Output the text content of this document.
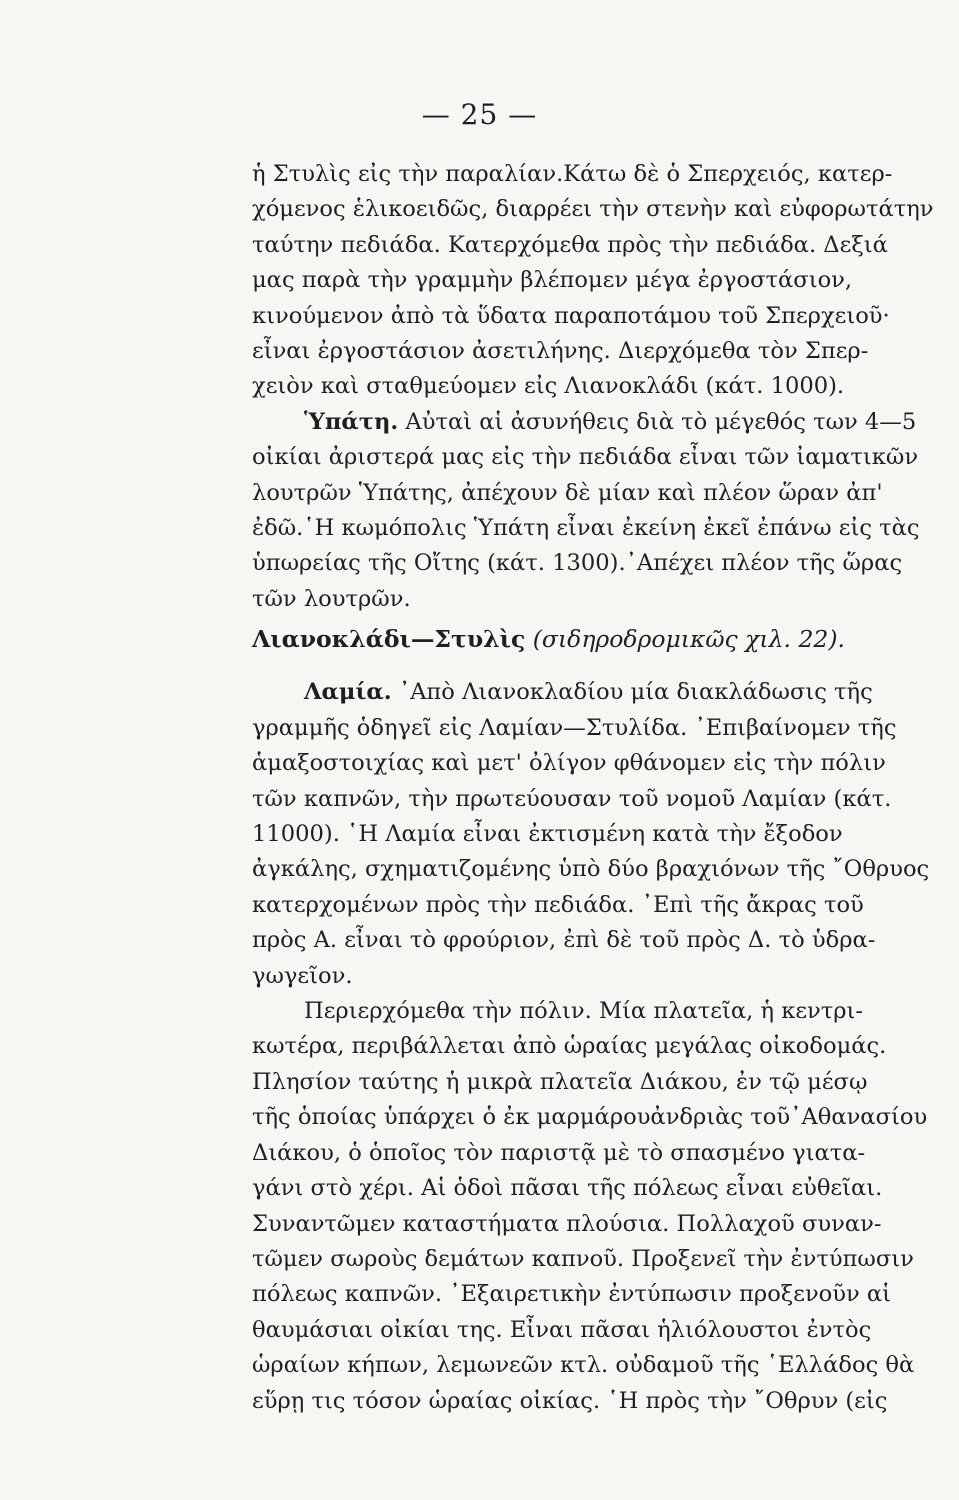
— 25 —
ἡ Στυλὶς εἰς τὴν παραλίαν.Κάτω δὲ ὁ Σπερχειός, κατερ-
χόμενος ἑλικοειδῶς, διαρρέει τὴν στενὴν καὶ εὐφορωτάτην
ταύτην πεδιάδα. Κατερχόμεθα πρὸς τὴν πεδιάδα. Δεξιά
μας παρὰ τὴν γραμμὴν βλέπομεν μέγα ἐργοστάσιον,
κινούμενον ἀπὸ τὰ ὕδατα παραποτάμου τοῦ Σπερχειοῦ·
εἶναι ἐργοστάσιον ἀσετιλήνης. Διερχόμεθα τὸν Σπερ-
χειὸν καὶ σταθμεύομεν εἰς Λιανοκλάδι (κάτ. 1000).
Ὑπάτη. Αὐταὶ αἱ ἀσυνήθεις διὰ τὸ μέγεθός των 4—5
οἰκίαι ἀριστερά μας εἰς τὴν πεδιάδα εἶναι τῶν ἰαματικῶν
λουτρῶν Ὑπάτης, ἀπέχουν δὲ μίαν καὶ πλέον ὥραν ἀπ'
ἐδῶ.῾Η κωμόπολις Ὑπάτη εἶναι ἐκείνη ἐκεῖ ἐπάνω εἰς τὰς
ὑπωρείας τῆς Οἴτης (κάτ. 1300).᾽Απέχει πλέον τῆς ὥρας
τῶν λουτρῶν.
Λιανοκλάδι—Στυλὶς (σιδηροδρομικῶς χιλ. 22).
Λαμία. ᾽Απὸ Λιανοκλαδίου μία διακλάδωσις τῆς
γραμμῆς ὁδηγεῖ εἰς Λαμίαν—Στυλίδα. ᾽Επιβαίνομεν τῆς
ἁμαξοστοιχίας καὶ μετ' ὀλίγον φθάνομεν εἰς τὴν πόλιν
τῶν καπνῶν, τὴν πρωτεύουσαν τοῦ νομοῦ Λαμίαν (κάτ.
11000). ῾Η Λαμία εἶναι ἐκτισμένη κατὰ τὴν ἔξοδον
ἀγκάλης, σχηματιζομένης ὑπὸ δύο βραχιόνων τῆς ῎Οθρυος
κατερχομένων πρὸς τὴν πεδιάδα. ᾽Επὶ τῆς ἄκρας τοῦ
πρὸς Α. εἶναι τὸ φρούριον, ἐπὶ δὲ τοῦ πρὸς Δ. τὸ ὑδρα-
γωγεῖον.
Περιερχόμεθα τὴν πόλιν. Μία πλατεῖα, ἡ κεντρι-
κωτέρα, περιβάλλεται ἀπὸ ὡραίας μεγάλας οἰκοδομάς.
Πλησίον ταύτης ἡ μικρὰ πλατεῖα Διάκου, ἐν τῷ μέσῳ
τῆς ὁποίας ὑπάρχει ὁ ἐκ μαρμάρουἀνδριὰς τοῦ᾽Αθανασίου
Διάκου, ὁ ὁποῖος τὸν παριστᾷ μὲ τὸ σπασμένο γιατα-
γάνι στὸ χέρι. Αἱ ὁδοὶ πᾶσαι τῆς πόλεως εἶναι εὐθεῖαι.
Συναντῶμεν καταστήματα πλούσια. Πολλαχοῦ συναν-
τῶμεν σωροὺς δεμάτων καπνοῦ. Προξενεῖ τὴν ἐντύπωσιν
πόλεως καπνῶν. ᾽Εξαιρετικὴν ἐντύπωσιν προξενοῦν αἱ
θαυμάσιαι οἰκίαι της. Εἶναι πᾶσαι ἡλιόλουστοι ἐντὸς
ὡραίων κήπων, λεμωνεῶν κτλ. οὐδαμοῦ τῆς ῾Ελλάδος θὰ
εὕρῃ τις τόσον ὡραίας οἰκίας. ῾Η πρὸς τὴν ῎Οθρυν (εἰς
